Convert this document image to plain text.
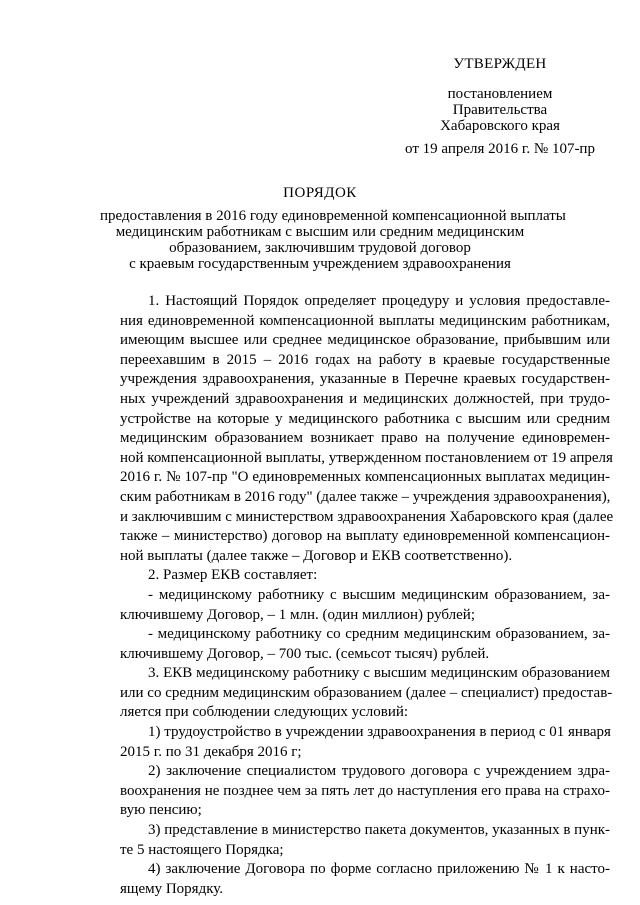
УТВЕРЖДЕН
постановлением
Правительства
Хабаровского края
от 19 апреля 2016 г. № 107-пр
ПОРЯДОК
предоставления в 2016 году единовременной компенсационной выплаты
медицинским работникам с высшим или средним медицинским
образованием, заключившим трудовой договор
с краевым государственным учреждением здравоохранения
1. Настоящий Порядок определяет процедуру и условия предоставле-
ния единовременной компенсационной выплаты медицинским работникам,
имеющим высшее или среднее медицинское образование, прибывшим или
переехавшим в 2015 – 2016 годах на работу в краевые государственные
учреждения здравоохранения, указанные в Перечне краевых государствен-
ных учреждений здравоохранения и медицинских должностей, при трудо-
устройстве на которые у медицинского работника с высшим или средним
медицинским образованием возникает право на получение единовремен-
ной компенсационной выплаты, утвержденном постановлением от 19 апреля
2016 г. № 107-пр "О единовременных компенсационных выплатах медицин-
ским работникам в 2016 году" (далее также – учреждения здравоохранения),
и заключившим с министерством здравоохранения Хабаровского края (далее
также – министерство) договор на выплату единовременной компенсацион-
ной выплаты (далее также – Договор и ЕКВ соответственно).
2. Размер ЕКВ составляет:
- медицинскому работнику с высшим медицинским образованием, за-
ключившему Договор, – 1 млн. (один миллион) рублей;
- медицинскому работнику со средним медицинским образованием, за-
ключившему Договор, – 700 тыс. (семьсот тысяч) рублей.
3. ЕКВ медицинскому работнику с высшим медицинским образованием
или со средним медицинским образованием (далее – специалист) предостав-
ляется при соблюдении следующих условий:
1) трудоустройство в учреждении здравоохранения в период с 01 января
2015 г. по 31 декабря 2016 г;
2) заключение специалистом трудового договора с учреждением здра-
воохранения не позднее чем за пять лет до наступления его права на страхо-
вую пенсию;
3) представление в министерство пакета документов, указанных в пунк-
те 5 настоящего Порядка;
4) заключение Договора по форме согласно приложению № 1 к насто-
ящему Порядку.
